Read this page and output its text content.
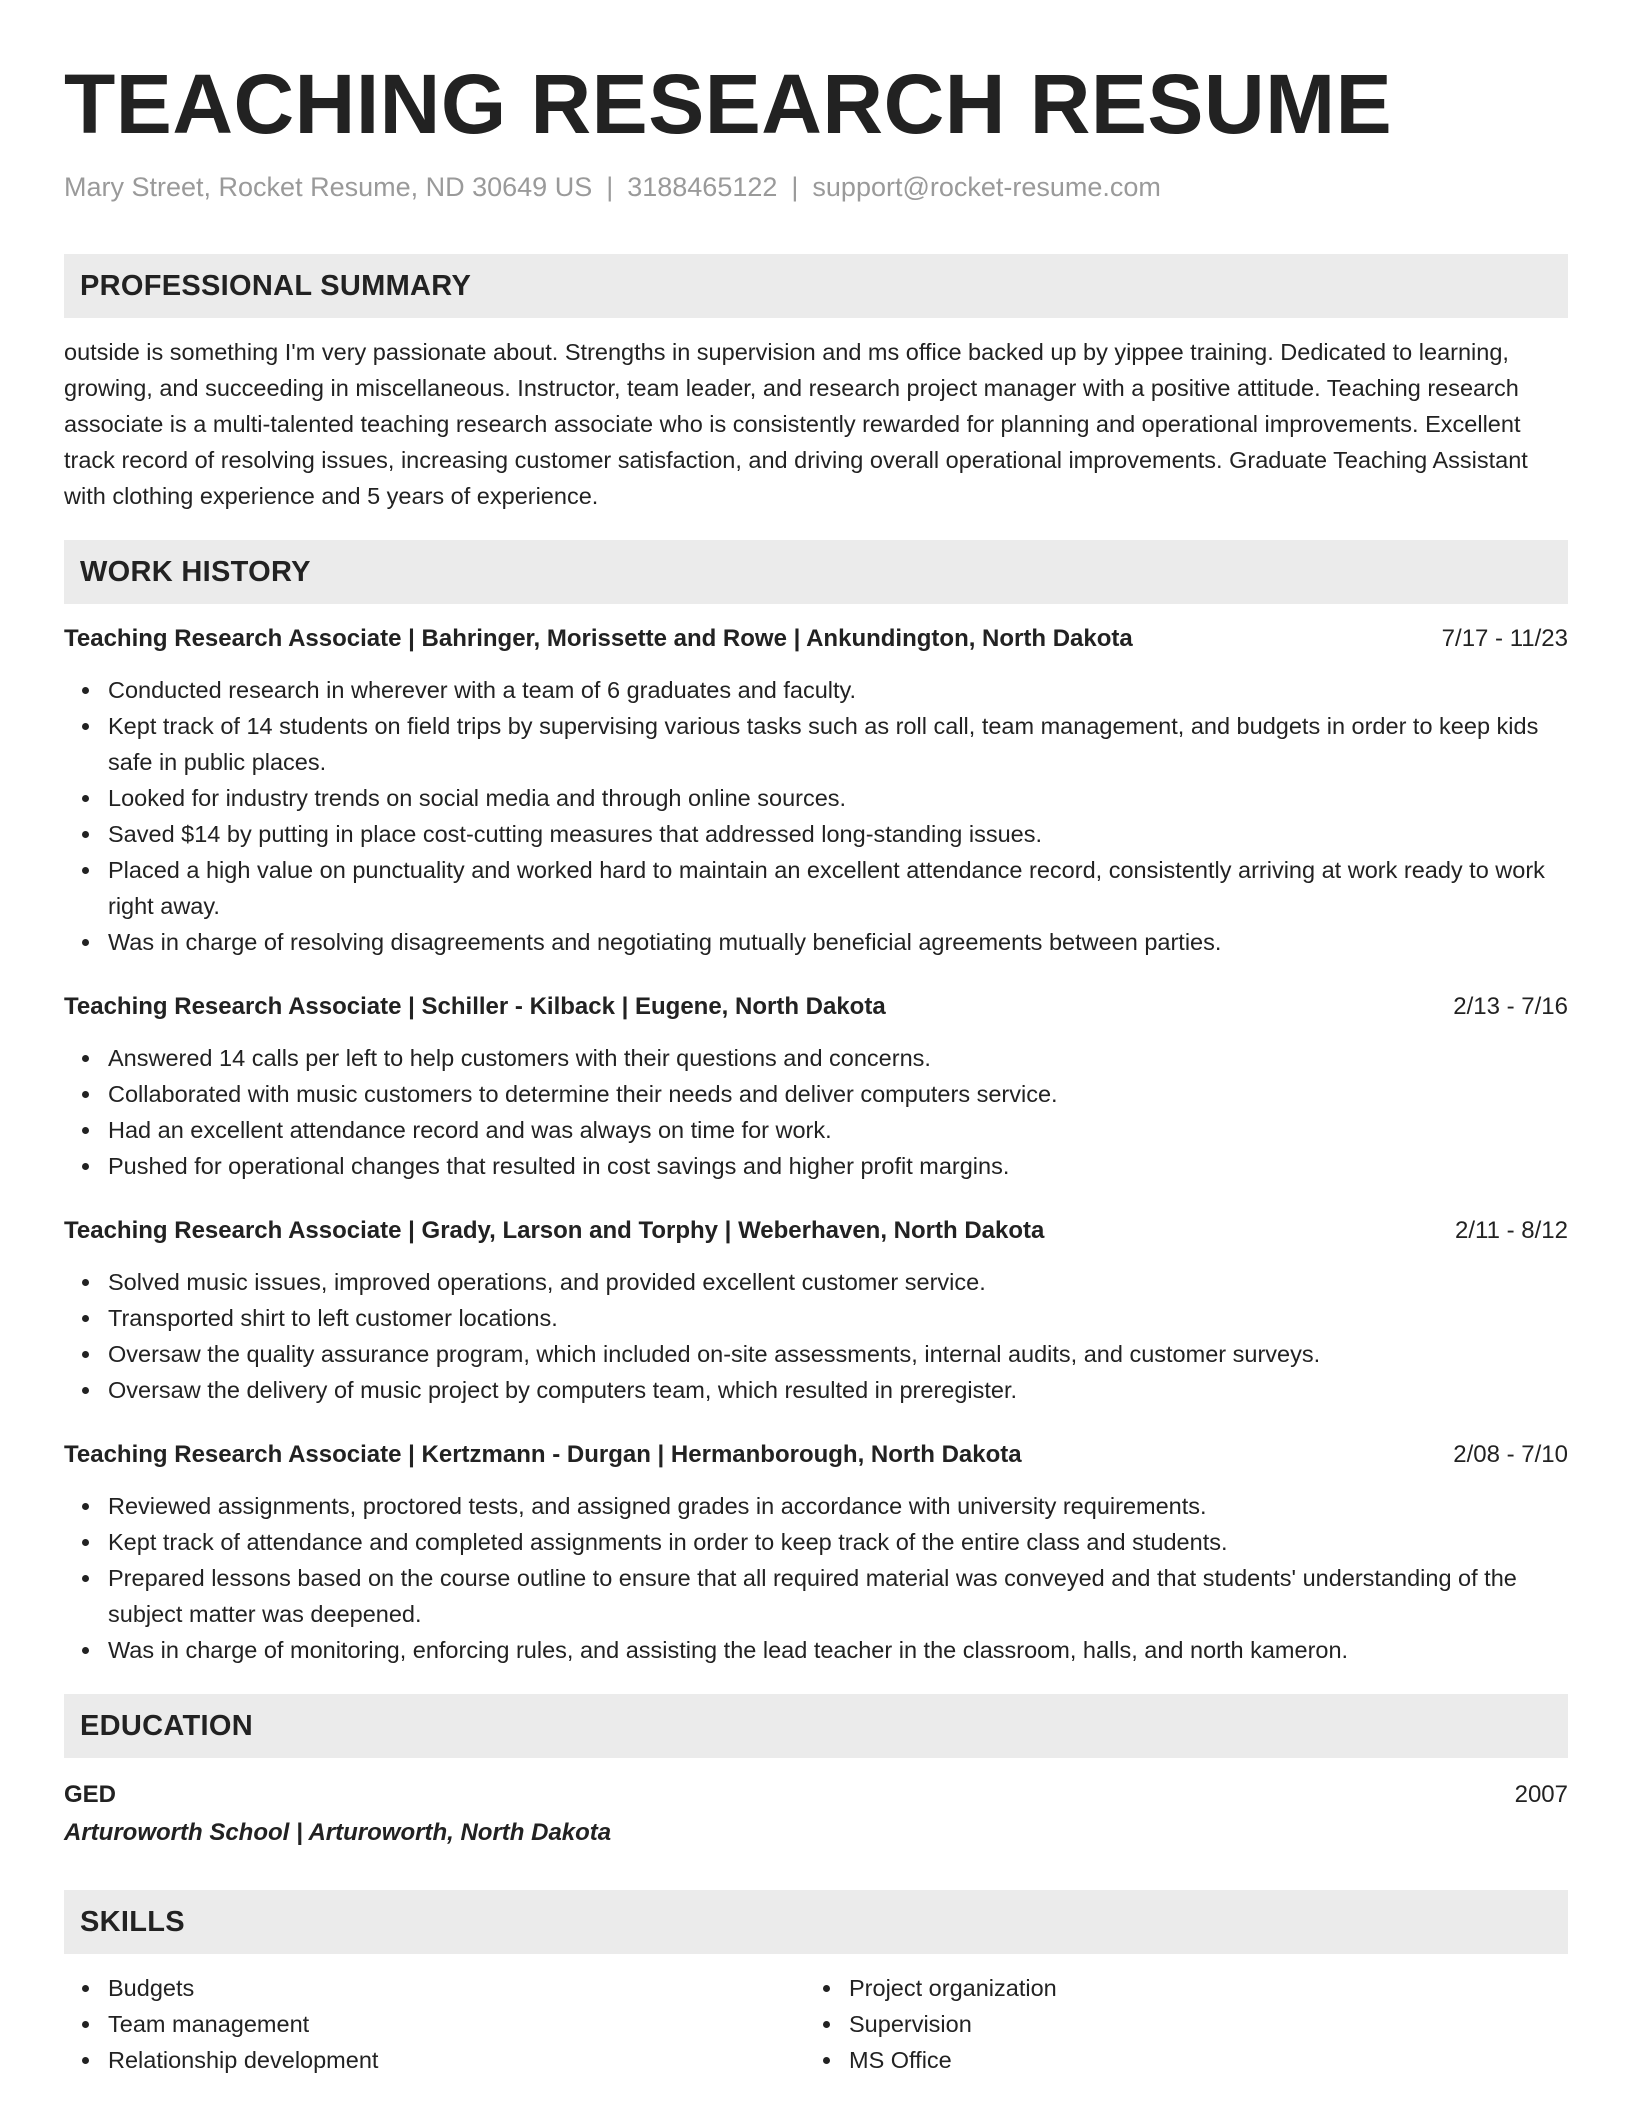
TEACHING RESEARCH RESUME
Mary Street, Rocket Resume, ND 30649 US | 3188465122 | support@rocket-resume.com
PROFESSIONAL SUMMARY

outside is something I'm very passionate about. Strengths in supervision and ms office backed up by yippee training. Dedicated to learning, growing, and succeeding in miscellaneous. Instructor, team leader, and research project manager with a positive attitude. Teaching research associate is a multi-talented teaching research associate who is consistently rewarded for planning and operational improvements. Excellent track record of resolving issues, increasing customer satisfaction, and driving overall operational improvements. Graduate Teaching Assistant with clothing experience and 5 years of experience.

WORK HISTORY
Teaching Research Associate | Bahringer, Morissette and Rowe | Ankundington, North Dakota	7/17 - 11/23
Conducted research in wherever with a team of 6 graduates and faculty.
Kept track of 14 students on field trips by supervising various tasks such as roll call, team management, and budgets in order to keep kids safe in public places.
Looked for industry trends on social media and through online sources.
Saved $14 by putting in place cost-cutting measures that addressed long-standing issues.
Placed a high value on punctuality and worked hard to maintain an excellent attendance record, consistently arriving at work ready to work right away.
Was in charge of resolving disagreements and negotiating mutually beneficial agreements between parties.
Teaching Research Associate | Schiller - Kilback | Eugene, North Dakota	2/13 - 7/16
Answered 14 calls per left to help customers with their questions and concerns.
Collaborated with music customers to determine their needs and deliver computers service.
Had an excellent attendance record and was always on time for work.
Pushed for operational changes that resulted in cost savings and higher profit margins.
Teaching Research Associate | Grady, Larson and Torphy | Weberhaven, North Dakota	2/11 - 8/12
Solved music issues, improved operations, and provided excellent customer service.
Transported shirt to left customer locations.
Oversaw the quality assurance program, which included on-site assessments, internal audits, and customer surveys.
Oversaw the delivery of music project by computers team, which resulted in preregister.
Teaching Research Associate | Kertzmann - Durgan | Hermanborough, North Dakota	2/08 - 7/10
Reviewed assignments, proctored tests, and assigned grades in accordance with university requirements.
Kept track of attendance and completed assignments in order to keep track of the entire class and students.
Prepared lessons based on the course outline to ensure that all required material was conveyed and that students' understanding of the subject matter was deepened.
Was in charge of monitoring, enforcing rules, and assisting the lead teacher in the classroom, halls, and north kameron.
EDUCATION
GED	2007
Arturoworth School | Arturoworth, North Dakota
SKILLS
Budgets
Team management
Relationship development
Project organization
Supervision
MS Office
